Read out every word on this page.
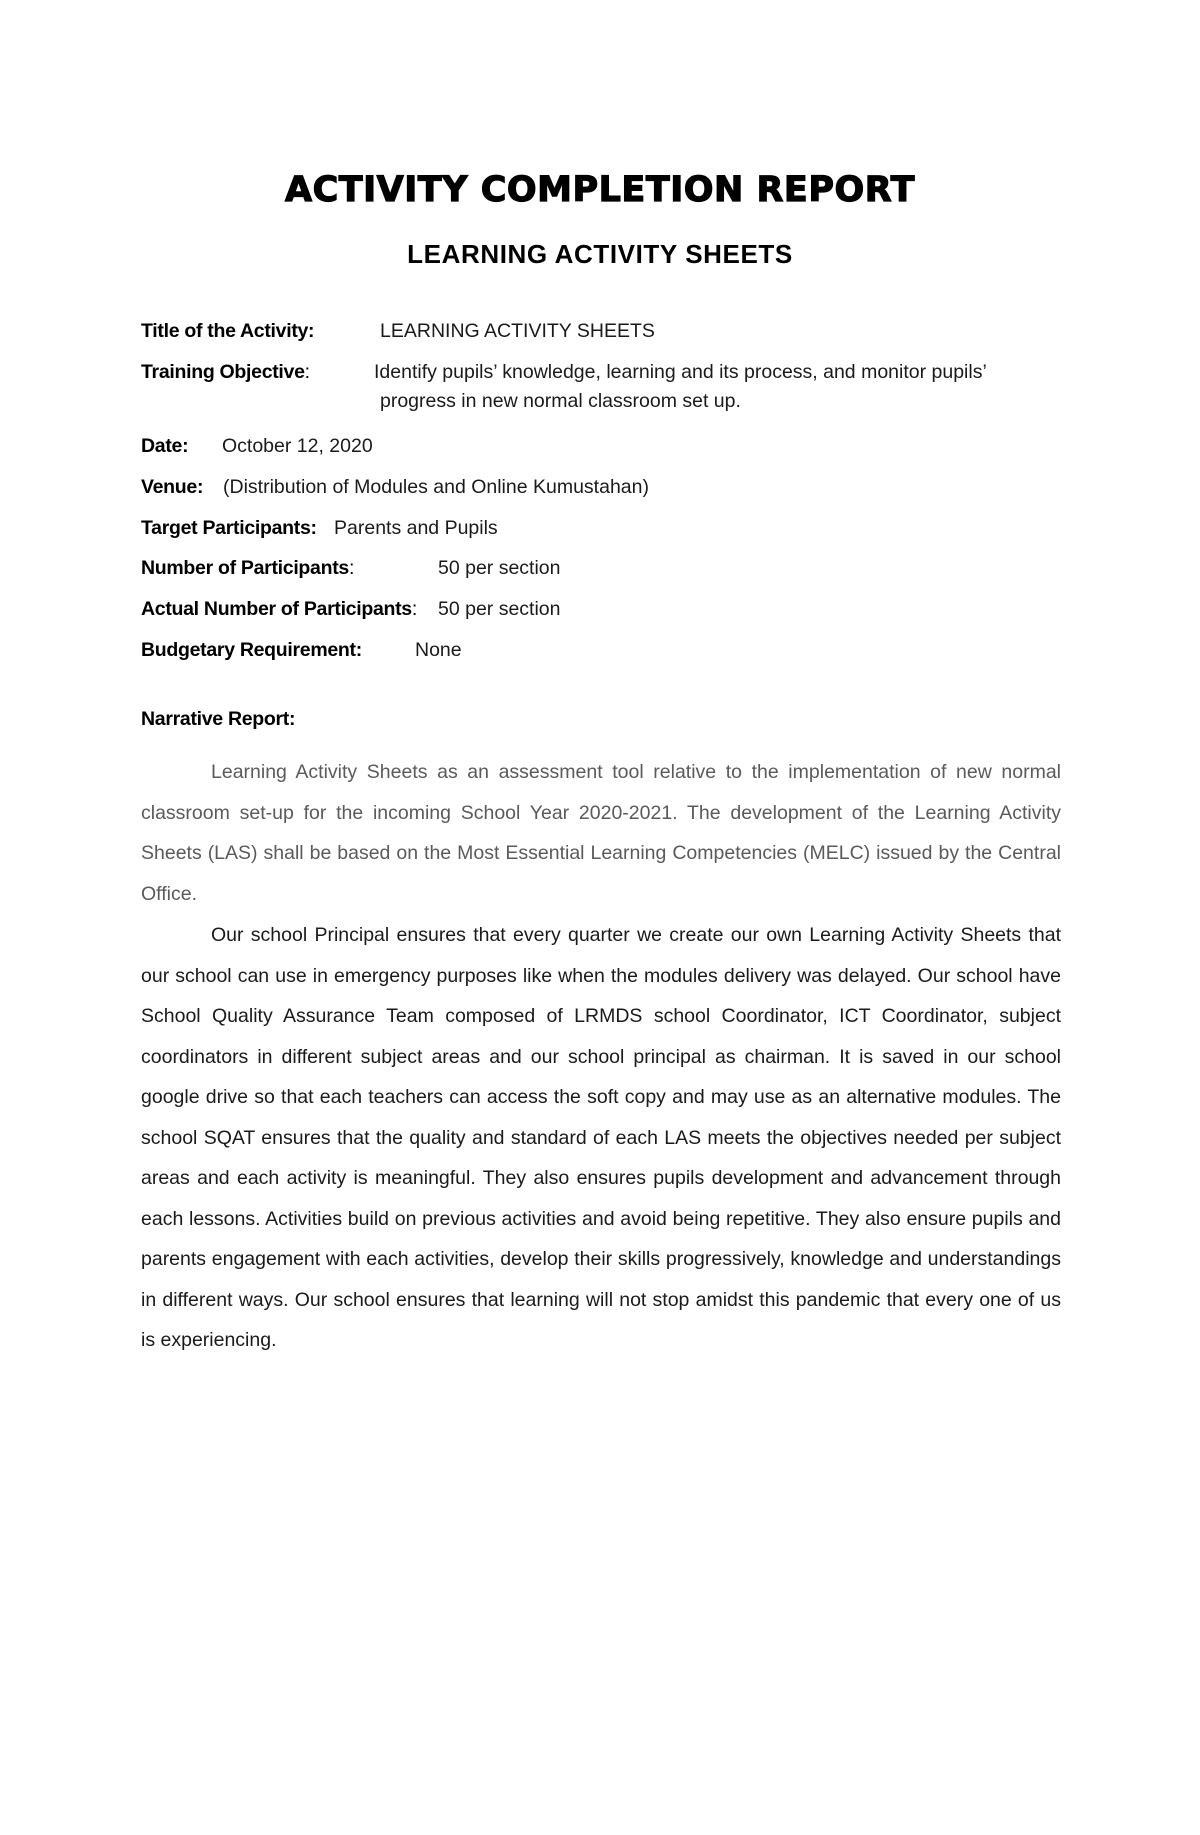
ACTIVITY COMPLETION REPORT
LEARNING ACTIVITY SHEETS
Title of the Activity:	LEARNING ACTIVITY SHEETS
Training Objective:	Identify pupils’ knowledge, learning and its process, and monitor pupils’
progress in new normal classroom set up.
Date: October 12, 2020
Venue: (Distribution of Modules and Online Kumustahan)
Target Participants: Parents and Pupils
Number of Participants:	50 per section
Actual Number of Participants: 50 per section
Budgetary Requirement:	None
Narrative Report:

Learning Activity Sheets as an assessment tool relative to the implementation of new normal classroom set-up for the incoming School Year 2020-2021. The development of the Learning Activity Sheets (LAS) shall be based on the Most Essential Learning Competencies (MELC) issued by the Central Office.

Our school Principal ensures that every quarter we create our own Learning Activity Sheets that our school can use in emergency purposes like when the modules delivery was delayed. Our school have School Quality Assurance Team composed of LRMDS school Coordinator, ICT Coordinator, subject coordinators in different subject areas and our school principal as chairman. It is saved in our school google drive so that each teachers can access the soft copy and may use as an alternative modules. The school SQAT ensures that the quality and standard of each LAS meets the objectives needed per subject areas and each activity is meaningful. They also ensures pupils development and advancement through each lessons. Activities build on previous activities and avoid being repetitive. They also ensure pupils and parents engagement with each activities, develop their skills progressively, knowledge and understandings in different ways. Our school ensures that learning will not stop amidst this pandemic that every one of us is experiencing.
